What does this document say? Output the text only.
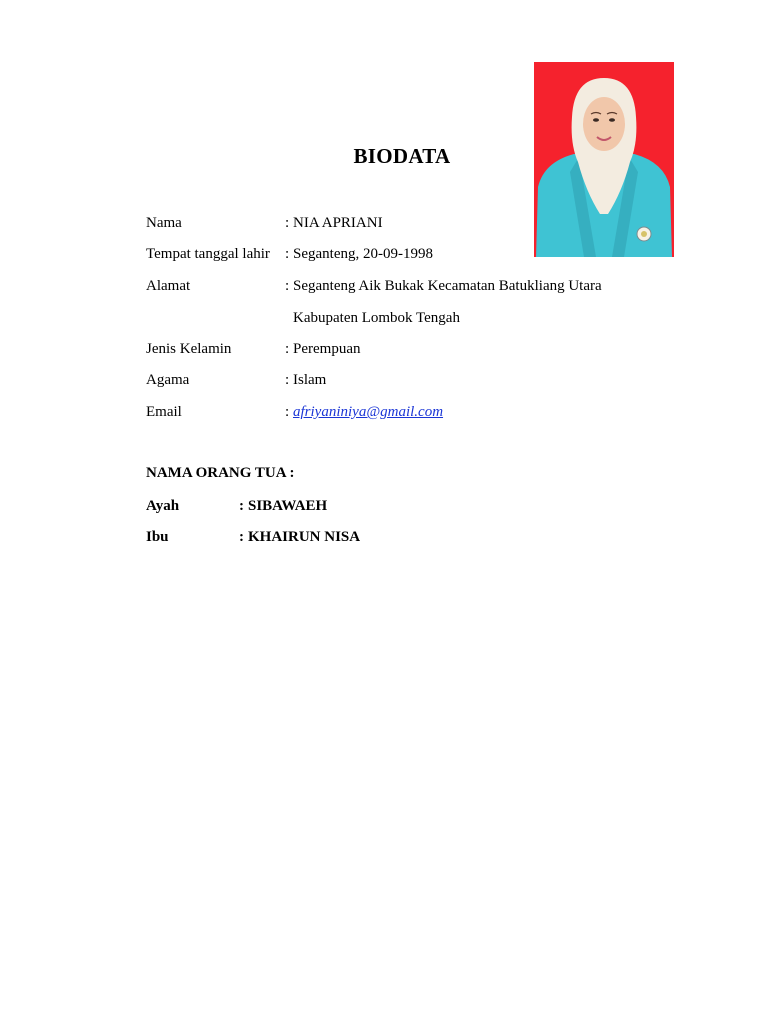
BIODATA
Nama	: NIA APRIANI
Tempat tanggal lahir : Seganteng, 20-09-1998
Alamat	: Seganteng Aik Bukak Kecamatan Batukliang Utara
Kabupaten Lombok Tengah
Jenis Kelamin	: Perempuan
Agama	: Islam
Email	: afriyaniniya@gmail.com
NAMA ORANG TUA :
Ayah	: SIBAWAEH
Ibu	: KHAIRUN NISA
